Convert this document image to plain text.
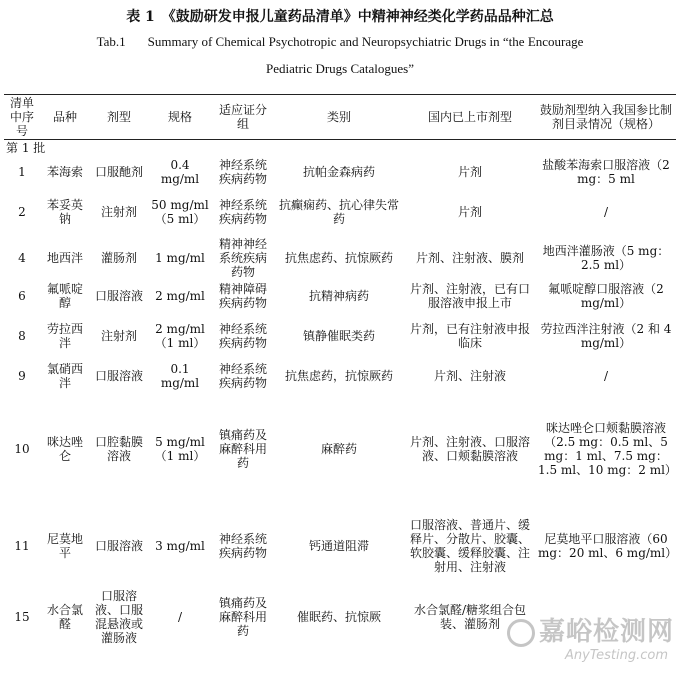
表 1　《鼓励研发申报儿童药品清单》中精神神经类化学药品品种汇总
Tab.1 Summary of Chemical Psychotropic and Neuropsychiatric Drugs in “the Encourage
Pediatric Drugs Catalogues”
清单中序号	品种	剂型	规格	适应证分组	类别	国内已上市剂型	鼓励剂型纳入我国参比制剂目录情况（规格）
第 1 批							
1	苯海索	口服酏剂	0.4 mg/ml	神经系统疾病药物	抗帕金森病药	片剂	盐酸苯海索口服溶液（2 mg：5 ml
2	苯妥英钠	注射剂	50 mg/ml（5 ml）	神经系统疾病药物	抗癫痫药、抗心律失常药	片剂	/
4	地西泮	灌肠剂	1 mg/ml	精神神经系统疾病药物	抗焦虑药、抗惊厥药	片剂、注射液、膜剂	地西泮灌肠液（5 mg：2.5 ml）
6	氟哌啶醇	口服溶液	2 mg/ml	精神障碍疾病药物	抗精神病药	片剂、注射液，已有口服溶液申报上市	氟哌啶醇口服溶液（2 mg/ml）
8	劳拉西泮	注射剂	2 mg/ml（1 ml）	神经系统疾病药物	镇静催眠类药	片剂，已有注射液申报临床	劳拉西泮注射液（2 和 4 mg/ml）
9	氯硝西泮	口服溶液	0.1 mg/ml	神经系统疾病药物	抗焦虑药，抗惊厥药	片剂、注射液	/
10	咪达唑仑	口腔黏膜溶液	5 mg/ml（1 ml）	镇痛药及麻醉科用药	麻醉药	片剂、注射液、口服溶液、口颊黏膜溶液	咪达唑仑口颊黏膜溶液（2.5 mg：0.5 ml、5 mg：1 ml、7.5 mg：1.5 ml、10 mg：2 ml）
11	尼莫地平	口服溶液	3 mg/ml	神经系统疾病药物	钙通道阻滞	口服溶液、普通片、缓释片、分散片、胶囊、软胶囊、缓释胶囊、注射用、注射液	尼莫地平口服溶液（60 mg：20 ml、6 mg/ml）
15	水合氯醛	口服溶液、口服混悬液或灌肠液	/	镇痛药及麻醉科用药	催眠药、抗惊厥	水合氯醛/糖浆组合包装、灌肠剂		嘉峪检测网
AnyTesting.com
